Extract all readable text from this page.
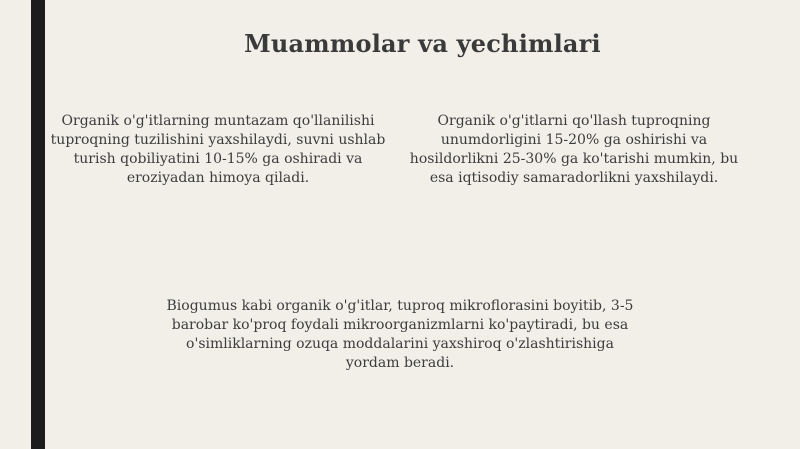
Muammolar va yechimlari
Organik o'g'itlarning muntazam qo'llanilishi tuproqning tuzilishini yaxshilaydi, suvni ushlab turish qobiliyatini 10-15% ga oshiradi va eroziyadan himoya qiladi.
Organik o'g'itlarni qo'llash tuproqning unumdorligini 15-20% ga oshirishi va hosildorlikni 25-30% ga ko'tarishi mumkin, bu esa iqtisodiy samaradorlikni yaxshilaydi.
Biogumus kabi organik o'g'itlar, tuproq mikroflorasini boyitib, 3-5 barobar ko'proq foydali mikroorganizmlarni ko'paytiradi, bu esa o'simliklarning ozuqa moddalarini yaxshiroq o'zlashtirishiga yordam beradi.
